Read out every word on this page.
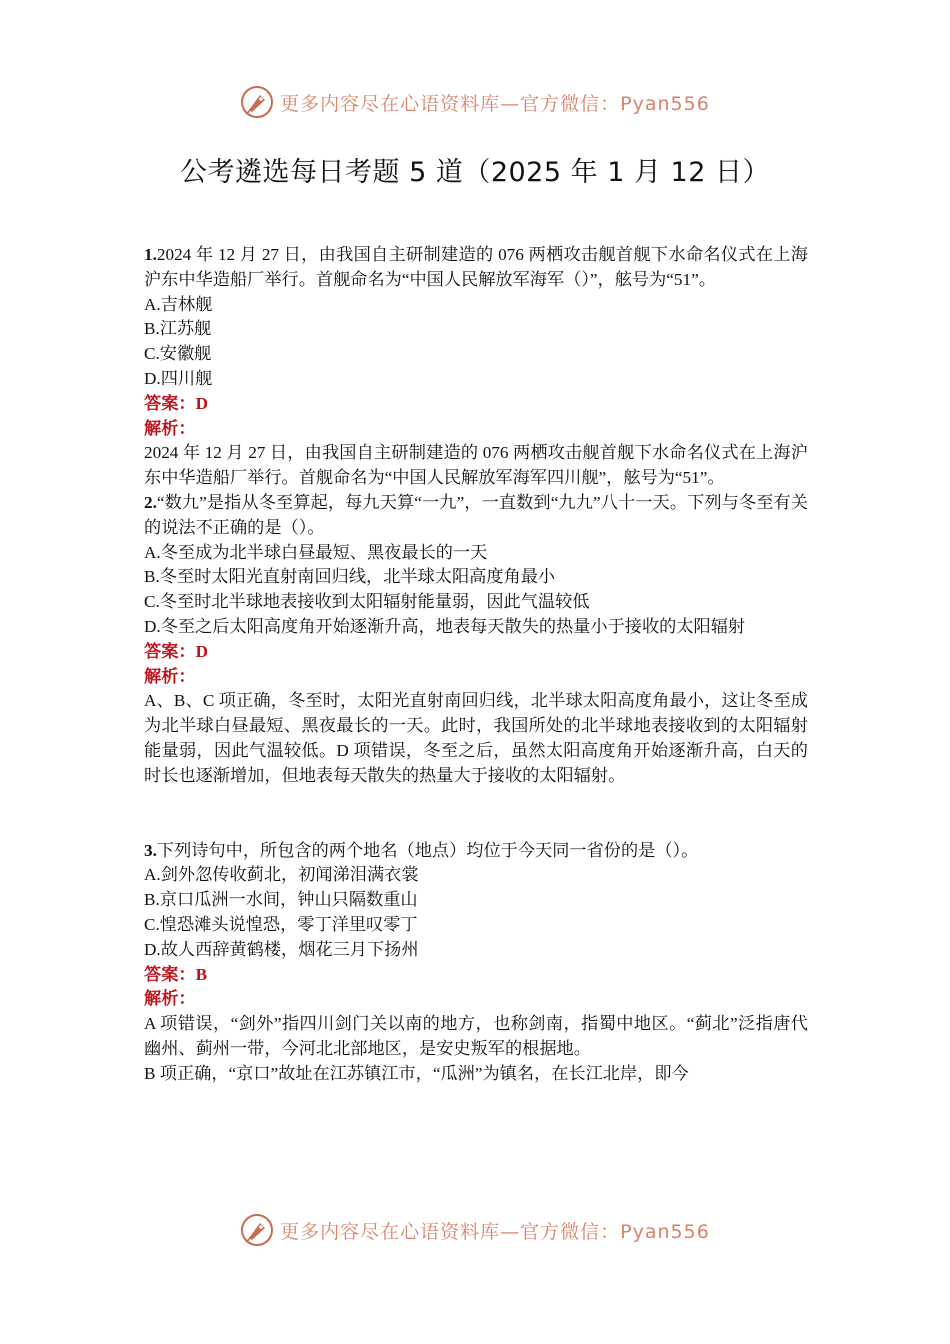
更多内容尽在心语资料库—官方微信：Pyan556
公考遴选每日考题 5 道（2025 年 1 月 12 日）

1.2024 年 12 月 27 日，由我国自主研制建造的 076 两栖攻击舰首舰下水命名仪式在上海沪东中华造船厂举行。首舰命名为“中国人民解放军海军（）”，舷号为“51”。

A.吉林舰

B.江苏舰

C.安徽舰

D.四川舰

答案：D

解析：

2024 年 12 月 27 日，由我国自主研制建造的 076 两栖攻击舰首舰下水命名仪式在上海沪东中华造船厂举行。首舰命名为“中国人民解放军海军四川舰”，舷号为“51”。

2.“数九”是指从冬至算起，每九天算“一九”，一直数到“九九”八十一天。下列与冬至有关的说法不正确的是（）。

A.冬至成为北半球白昼最短、黑夜最长的一天

B.冬至时太阳光直射南回归线，北半球太阳高度角最小

C.冬至时北半球地表接收到太阳辐射能量弱，因此气温较低

D.冬至之后太阳高度角开始逐渐升高，地表每天散失的热量小于接收的太阳辐射

答案：D

解析：

A、B、C 项正确，冬至时，太阳光直射南回归线，北半球太阳高度角最小，这让冬至成为北半球白昼最短、黑夜最长的一天。此时，我国所处的北半球地表接收到的太阳辐射能量弱，因此气温较低。D 项错误，冬至之后，虽然太阳高度角开始逐渐升高，白天的时长也逐渐增加，但地表每天散失的热量大于接收的太阳辐射。

3.下列诗句中，所包含的两个地名（地点）均位于今天同一省份的是（）。

A.剑外忽传收蓟北，初闻涕泪满衣裳

B.京口瓜洲一水间，钟山只隔数重山

C.惶恐滩头说惶恐，零丁洋里叹零丁

D.故人西辞黄鹤楼，烟花三月下扬州

答案：B

解析：

A 项错误，“剑外”指四川剑门关以南的地方，也称剑南，指蜀中地区。“蓟北”泛指唐代幽州、蓟州一带，今河北北部地区，是安史叛军的根据地。

B 项正确，“京口”故址在江苏镇江市，“瓜洲”为镇名，在长江北岸，即今

更多内容尽在心语资料库—官方微信：Pyan556
